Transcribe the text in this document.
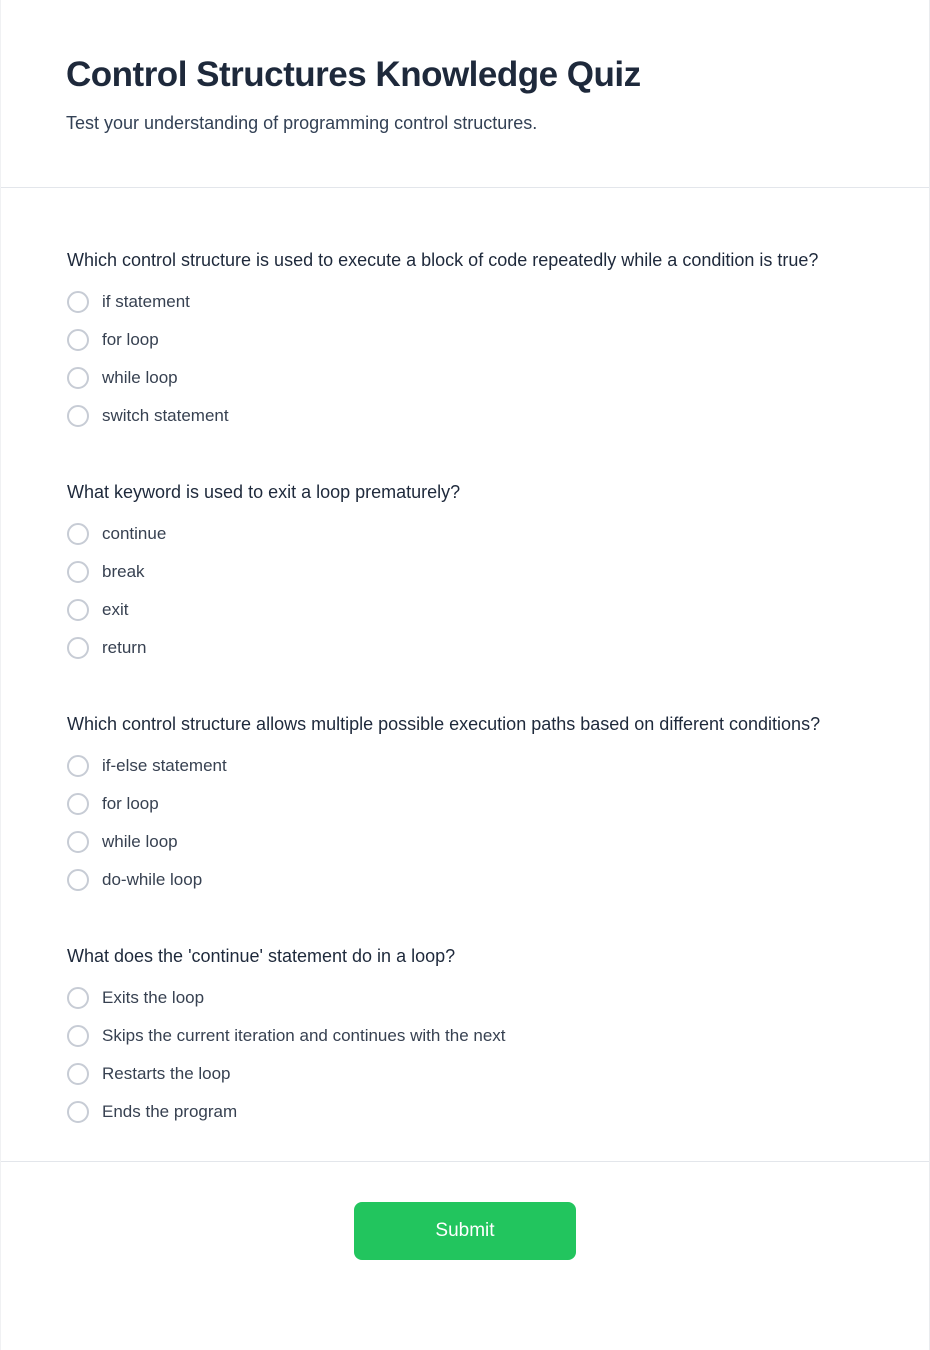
Control Structures Knowledge Quiz

Test your understanding of programming control structures.

Which control structure is used to execute a block of code repeatedly while a condition is true?
if statement
for loop
while loop
switch statement
What keyword is used to exit a loop prematurely?
continue
break
exit
return
Which control structure allows multiple possible execution paths based on different conditions?
if-else statement
for loop
while loop
do-while loop
What does the 'continue' statement do in a loop?
Exits the loop
Skips the current iteration and continues with the next
Restarts the loop
Ends the program
Submit
